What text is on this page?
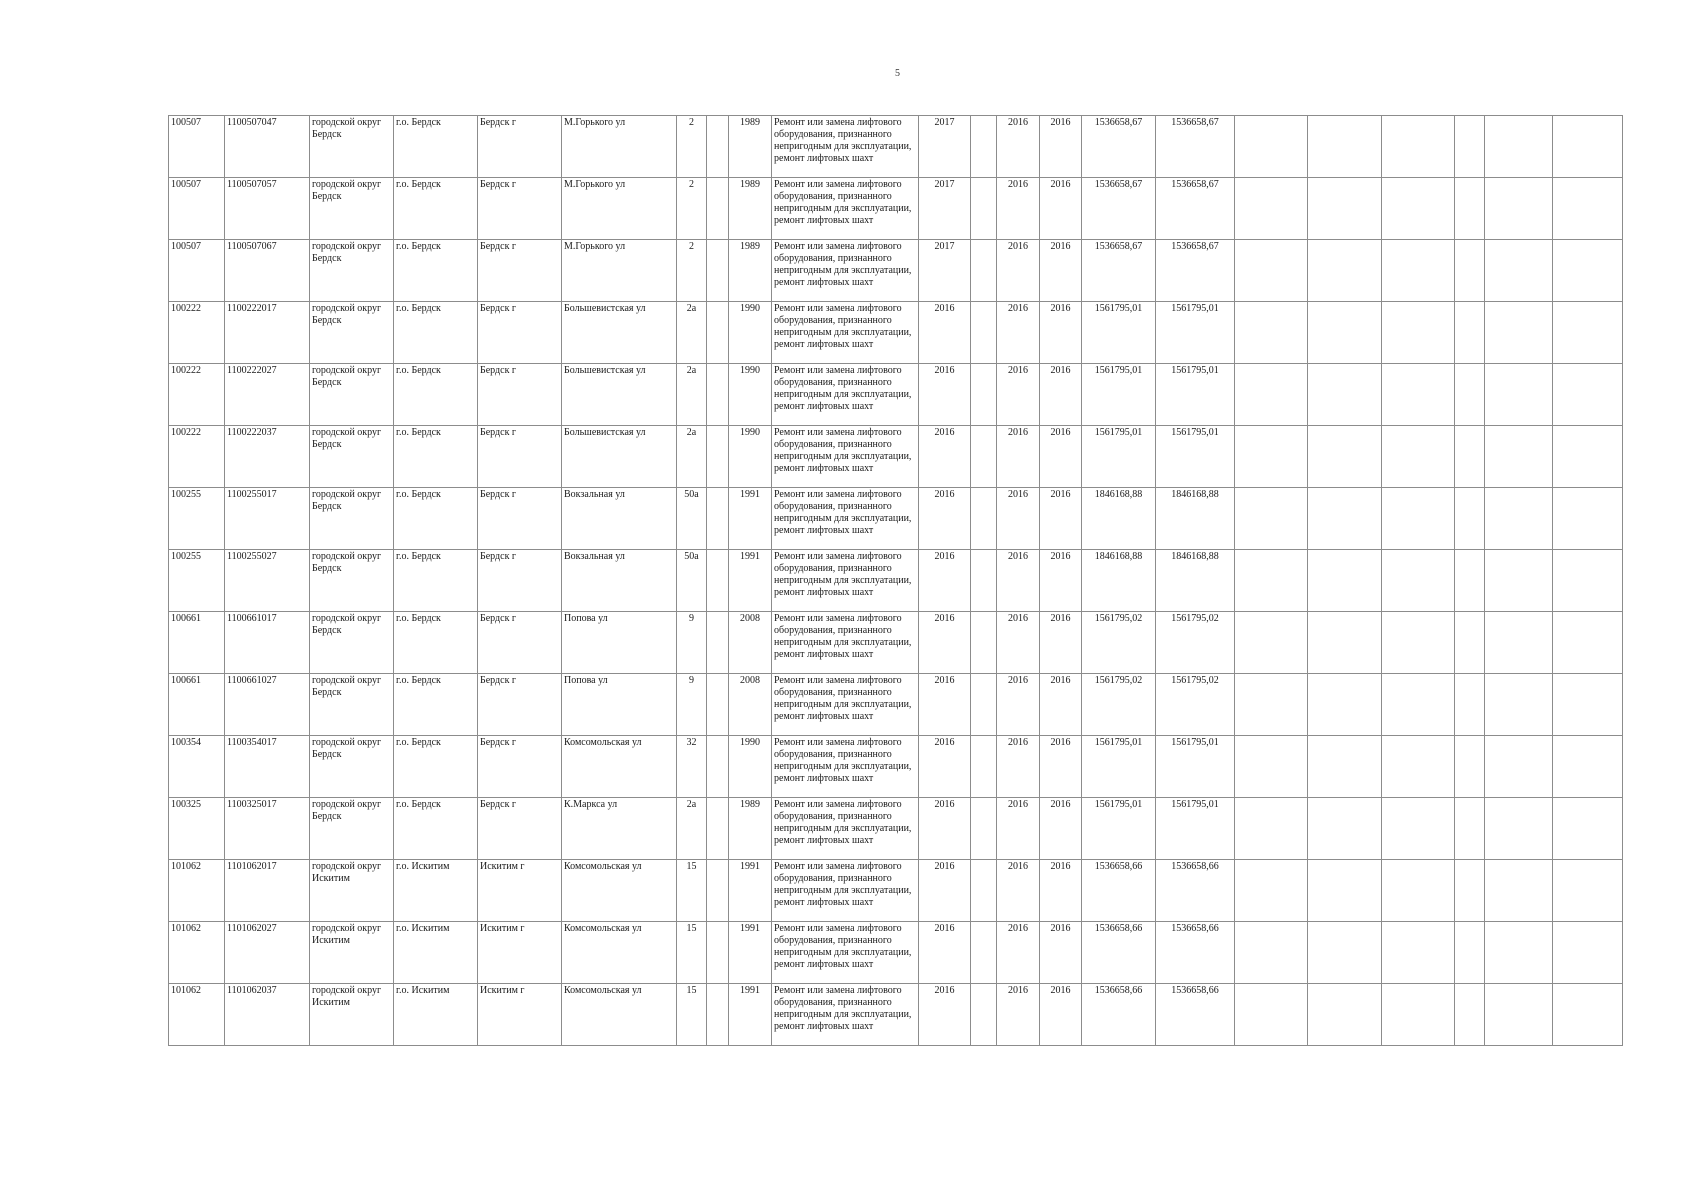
5
100507	1100507047	городской округ Бердск	г.о. Бердск	Бердск г	М.Горького ул	2		1989	Ремонт или замена лифтового оборудования, признанного непригодным для эксплуатации, ремонт лифтовых шахт	2017		2016	2016	1536658,67	1536658,67						
100507	1100507057	городской округ Бердск	г.о. Бердск	Бердск г	М.Горького ул	2		1989	Ремонт или замена лифтового оборудования, признанного непригодным для эксплуатации, ремонт лифтовых шахт	2017		2016	2016	1536658,67	1536658,67						
100507	1100507067	городской округ Бердск	г.о. Бердск	Бердск г	М.Горького ул	2		1989	Ремонт или замена лифтового оборудования, признанного непригодным для эксплуатации, ремонт лифтовых шахт	2017		2016	2016	1536658,67	1536658,67						
100222	1100222017	городской округ Бердск	г.о. Бердск	Бердск г	Большевистская ул	2а		1990	Ремонт или замена лифтового оборудования, признанного непригодным для эксплуатации, ремонт лифтовых шахт	2016		2016	2016	1561795,01	1561795,01						
100222	1100222027	городской округ Бердск	г.о. Бердск	Бердск г	Большевистская ул	2а		1990	Ремонт или замена лифтового оборудования, признанного непригодным для эксплуатации, ремонт лифтовых шахт	2016		2016	2016	1561795,01	1561795,01						
100222	1100222037	городской округ Бердск	г.о. Бердск	Бердск г	Большевистская ул	2а		1990	Ремонт или замена лифтового оборудования, признанного непригодным для эксплуатации, ремонт лифтовых шахт	2016		2016	2016	1561795,01	1561795,01						
100255	1100255017	городской округ Бердск	г.о. Бердск	Бердск г	Вокзальная ул	50а		1991	Ремонт или замена лифтового оборудования, признанного непригодным для эксплуатации, ремонт лифтовых шахт	2016		2016	2016	1846168,88	1846168,88						
100255	1100255027	городской округ Бердск	г.о. Бердск	Бердск г	Вокзальная ул	50а		1991	Ремонт или замена лифтового оборудования, признанного непригодным для эксплуатации, ремонт лифтовых шахт	2016		2016	2016	1846168,88	1846168,88						
100661	1100661017	городской округ Бердск	г.о. Бердск	Бердск г	Попова ул	9		2008	Ремонт или замена лифтового оборудования, признанного непригодным для эксплуатации, ремонт лифтовых шахт	2016		2016	2016	1561795,02	1561795,02						
100661	1100661027	городской округ Бердск	г.о. Бердск	Бердск г	Попова ул	9		2008	Ремонт или замена лифтового оборудования, признанного непригодным для эксплуатации, ремонт лифтовых шахт	2016		2016	2016	1561795,02	1561795,02						
100354	1100354017	городской округ Бердск	г.о. Бердск	Бердск г	Комсомольская ул	32		1990	Ремонт или замена лифтового оборудования, признанного непригодным для эксплуатации, ремонт лифтовых шахт	2016		2016	2016	1561795,01	1561795,01						
100325	1100325017	городской округ Бердск	г.о. Бердск	Бердск г	К.Маркса ул	2а		1989	Ремонт или замена лифтового оборудования, признанного непригодным для эксплуатации, ремонт лифтовых шахт	2016		2016	2016	1561795,01	1561795,01						
101062	1101062017	городской округ Искитим	г.о. Искитим	Искитим г	Комсомольская ул	15		1991	Ремонт или замена лифтового оборудования, признанного непригодным для эксплуатации, ремонт лифтовых шахт	2016		2016	2016	1536658,66	1536658,66						
101062	1101062027	городской округ Искитим	г.о. Искитим	Искитим г	Комсомольская ул	15		1991	Ремонт или замена лифтового оборудования, признанного непригодным для эксплуатации, ремонт лифтовых шахт	2016		2016	2016	1536658,66	1536658,66						
101062	1101062037	городской округ Искитим	г.о. Искитим	Искитим г	Комсомольская ул	15		1991	Ремонт или замена лифтового оборудования, признанного непригодным для эксплуатации, ремонт лифтовых шахт	2016		2016	2016	1536658,66	1536658,66						
